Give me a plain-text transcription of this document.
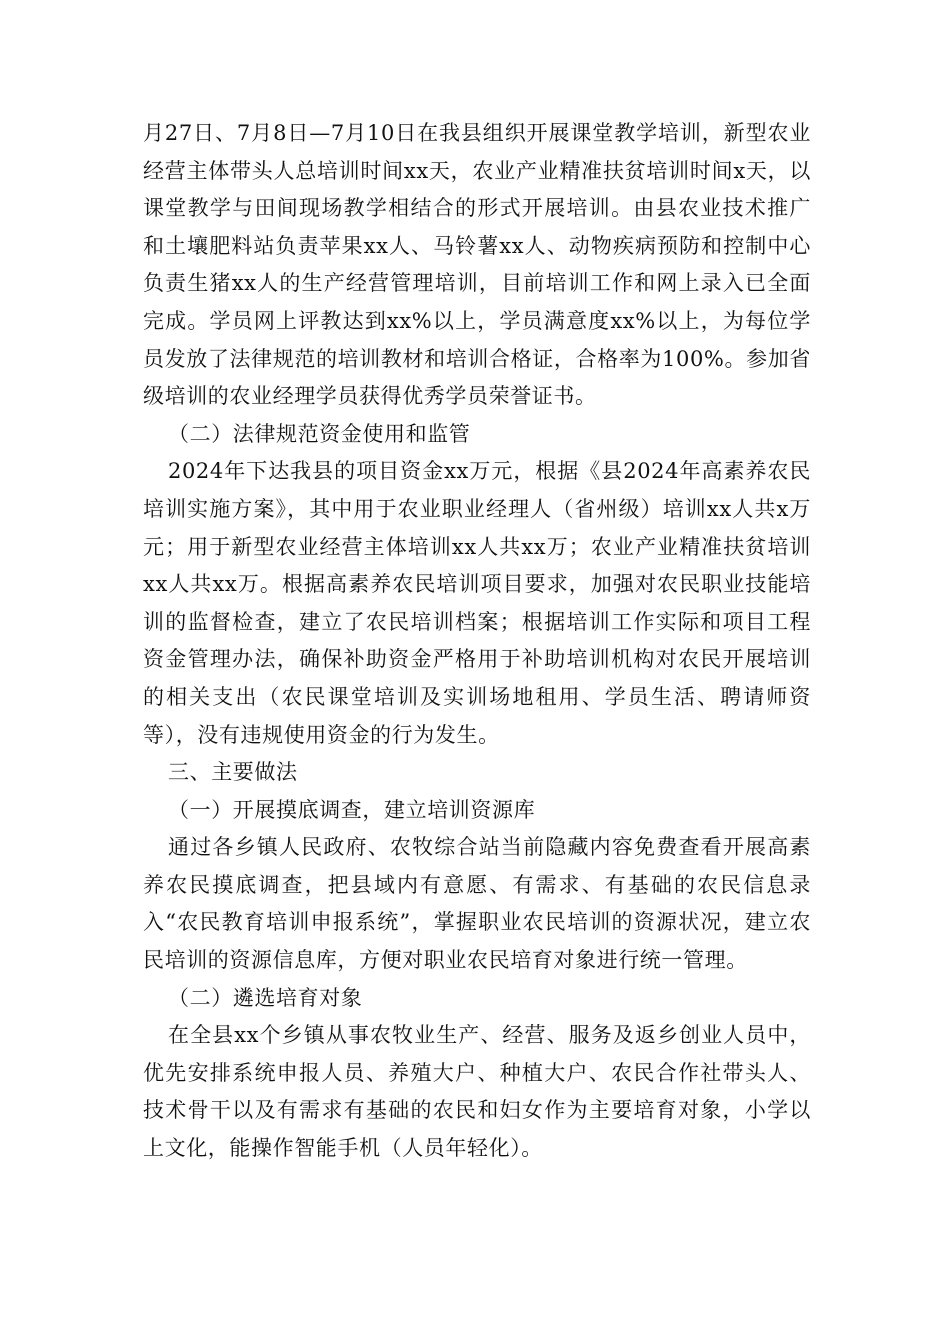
月27日、7月8日—7月10日在我县组织开展课堂教学培训，新型农业经营主体带头人总培训时间xx天，农业产业精准扶贫培训时间x天，以课堂教学与田间现场教学相结合的形式开展培训。由县农业技术推广和土壤肥料站负责苹果xx人、马铃薯xx人、动物疾病预防和控制中心负责生猪xx人的生产经营管理培训，目前培训工作和网上录入已全面完成。学员网上评教达到xx%以上，学员满意度xx%以上，为每位学员发放了法律规范的培训教材和培训合格证，合格率为100%。参加省级培训的农业经理学员获得优秀学员荣誉证书。

（二）法律规范资金使用和监管

2024年下达我县的项目资金xx万元，根据《县2024年高素养农民培训实施方案》，其中用于农业职业经理人（省州级）培训xx人共x万元；用于新型农业经营主体培训xx人共xx万；农业产业精准扶贫培训xx人共xx万。根据高素养农民培训项目要求，加强对农民职业技能培训的监督检查，建立了农民培训档案；根据培训工作实际和项目工程资金管理办法，确保补助资金严格用于补助培训机构对农民开展培训的相关支出（农民课堂培训及实训场地租用、学员生活、聘请师资等），没有违规使用资金的行为发生。

三、主要做法

（一）开展摸底调查，建立培训资源库

通过各乡镇人民政府、农牧综合站当前隐藏内容免费查看开展高素养农民摸底调查，把县域内有意愿、有需求、有基础的农民信息录入“农民教育培训申报系统”，掌握职业农民培训的资源状况，建立农民培训的资源信息库，方便对职业农民培育对象进行统一管理。

（二）遴选培育对象

在全县xx个乡镇从事农牧业生产、经营、服务及返乡创业人员中，优先安排系统申报人员、养殖大户、种植大户、农民合作社带头人、技术骨干以及有需求有基础的农民和妇女作为主要培育对象，小学以上文化，能操作智能手机（人员年轻化）。
